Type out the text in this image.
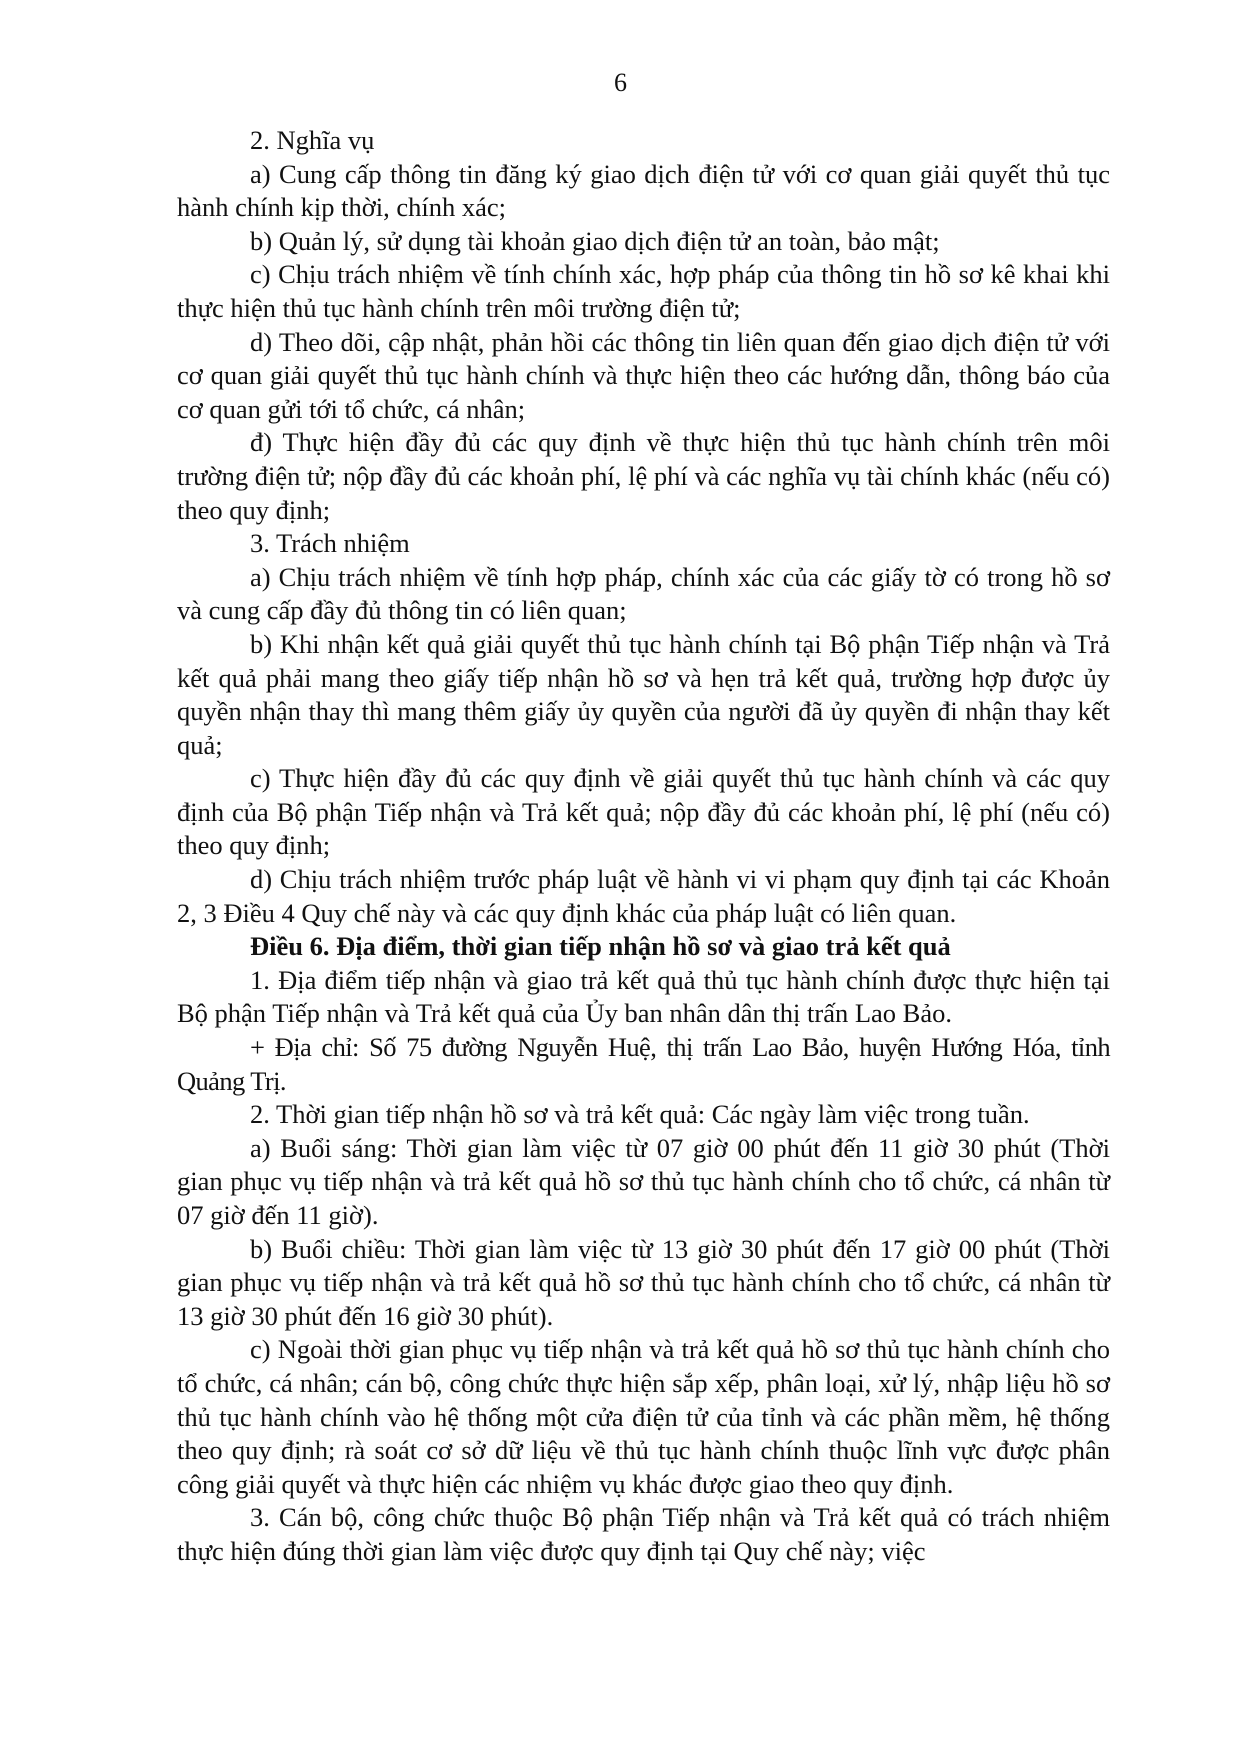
6

2. Nghĩa vụ

a) Cung cấp thông tin đăng ký giao dịch điện tử với cơ quan giải quyết thủ tục hành chính kịp thời, chính xác;

b) Quản lý, sử dụng tài khoản giao dịch điện tử an toàn, bảo mật;

c) Chịu trách nhiệm về tính chính xác, hợp pháp của thông tin hồ sơ kê khai khi thực hiện thủ tục hành chính trên môi trường điện tử;

d) Theo dõi, cập nhật, phản hồi các thông tin liên quan đến giao dịch điện tử với cơ quan giải quyết thủ tục hành chính và thực hiện theo các hướng dẫn, thông báo của cơ quan gửi tới tổ chức, cá nhân;

đ) Thực hiện đầy đủ các quy định về thực hiện thủ tục hành chính trên môi trường điện tử; nộp đầy đủ các khoản phí, lệ phí và các nghĩa vụ tài chính khác (nếu có) theo quy định;

3. Trách nhiệm

a) Chịu trách nhiệm về tính hợp pháp, chính xác của các giấy tờ có trong hồ sơ và cung cấp đầy đủ thông tin có liên quan;

b) Khi nhận kết quả giải quyết thủ tục hành chính tại Bộ phận Tiếp nhận và Trả kết quả phải mang theo giấy tiếp nhận hồ sơ và hẹn trả kết quả, trường hợp được ủy quyền nhận thay thì mang thêm giấy ủy quyền của người đã ủy quyền đi nhận thay kết quả;

c) Thực hiện đầy đủ các quy định về giải quyết thủ tục hành chính và các quy định của Bộ phận Tiếp nhận và Trả kết quả; nộp đầy đủ các khoản phí, lệ phí (nếu có) theo quy định;

d) Chịu trách nhiệm trước pháp luật về hành vi vi phạm quy định tại các Khoản 2, 3 Điều 4 Quy chế này và các quy định khác của pháp luật có liên quan.

Điều 6. Địa điểm, thời gian tiếp nhận hồ sơ và giao trả kết quả

1. Địa điểm tiếp nhận và giao trả kết quả thủ tục hành chính được thực hiện tại Bộ phận Tiếp nhận và Trả kết quả của Ủy ban nhân dân thị trấn Lao Bảo.

+ Địa chỉ: Số 75 đường Nguyễn Huệ, thị trấn Lao Bảo, huyện Hướng Hóa, tỉnh Quảng Trị.

2. Thời gian tiếp nhận hồ sơ và trả kết quả: Các ngày làm việc trong tuần.

a) Buổi sáng: Thời gian làm việc từ 07 giờ 00 phút đến 11 giờ 30 phút (Thời gian phục vụ tiếp nhận và trả kết quả hồ sơ thủ tục hành chính cho tổ chức, cá nhân từ 07 giờ đến 11 giờ).

b) Buổi chiều: Thời gian làm việc từ 13 giờ 30 phút đến 17 giờ 00 phút (Thời gian phục vụ tiếp nhận và trả kết quả hồ sơ thủ tục hành chính cho tổ chức, cá nhân từ 13 giờ 30 phút đến 16 giờ 30 phút).

c) Ngoài thời gian phục vụ tiếp nhận và trả kết quả hồ sơ thủ tục hành chính cho tổ chức, cá nhân; cán bộ, công chức thực hiện sắp xếp, phân loại, xử lý, nhập liệu hồ sơ thủ tục hành chính vào hệ thống một cửa điện tử của tỉnh và các phần mềm, hệ thống theo quy định; rà soát cơ sở dữ liệu về thủ tục hành chính thuộc lĩnh vực được phân công giải quyết và thực hiện các nhiệm vụ khác được giao theo quy định.

3. Cán bộ, công chức thuộc Bộ phận Tiếp nhận và Trả kết quả có trách nhiệm thực hiện đúng thời gian làm việc được quy định tại Quy chế này; việc
